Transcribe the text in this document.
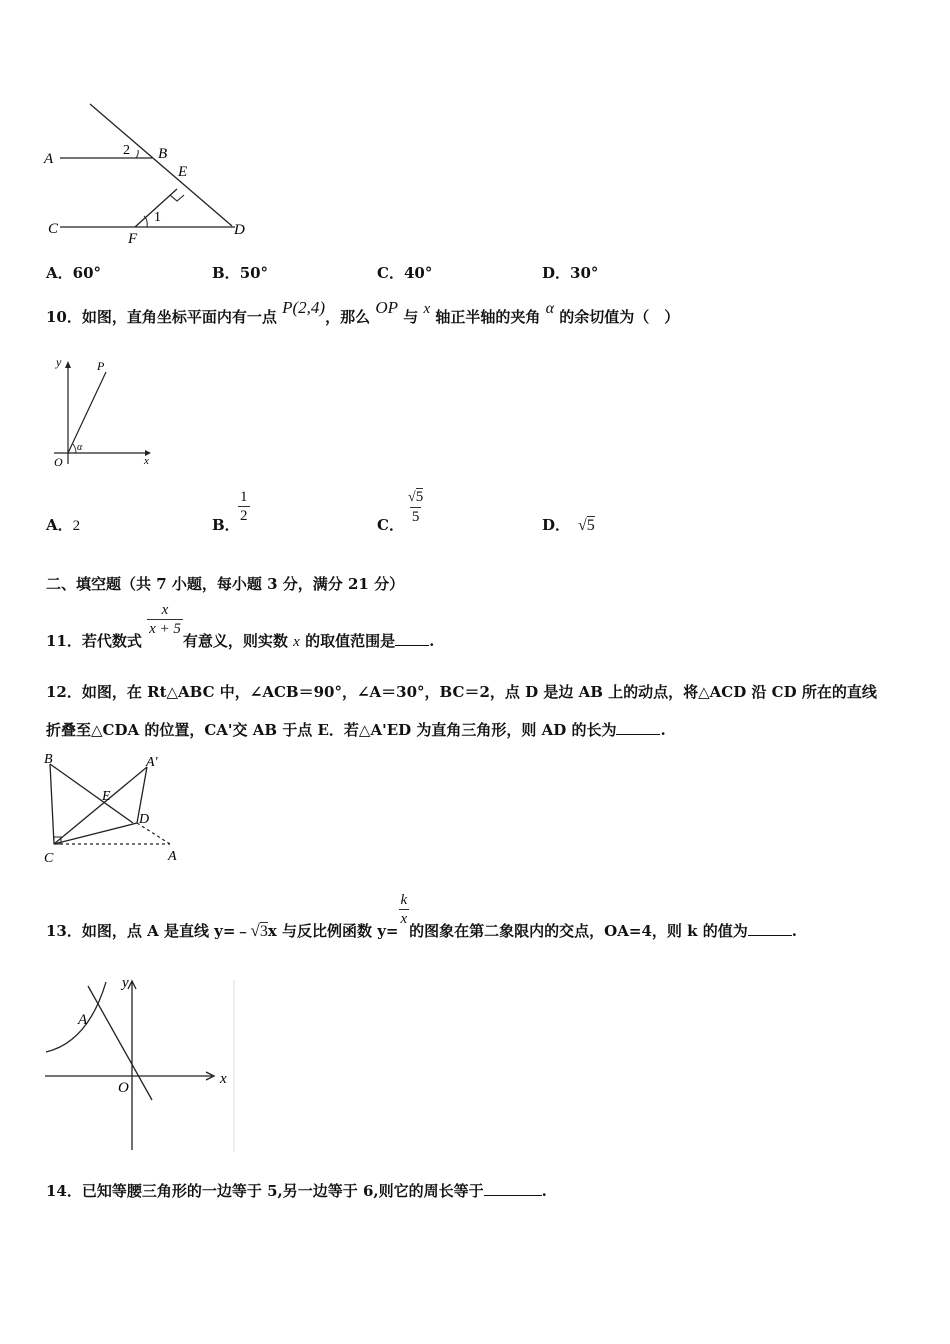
A	B
E
C
F
D
1
2
A．60°	B．50°	C．40°	D．30°
10．如图，直角坐标平面内有一点 P(2,4)，那么 OP 与 x 轴正半轴的夹角 α 的余切值为（　）
y	P
O	x
α
A．2	B．
$\frac{1}{2}$	C． $\frac{√5}{5}$	D． √5
二、填空题（共 7 小题，每小题 3 分，满分 21 分）
11．若代数式
$\frac{x}{x + 5}$
有意义，则实数 x 的取值范围是 .
12．如图，在 Rt△ABC 中，∠ACB＝90°，∠A＝30°，BC＝2，点 D 是边 AB 上的动点，将△ACD 沿 CD 所在的直线
折叠至△CDA 的位置，CA'交 AB 于点 E．若△A'ED 为直角三角形，则 AD 的长为	.
B	A'
E
D
C	A
13．如图，点 A 是直线 y=﹣√3x 与反比例函数 y=
$\frac{k}{x}$
的图象在第二象限内的交点，OA=4，则 k 的值为	.
y
A
O
x
14．已知等腰三角形的一边等于 5,另一边等于 6,则它的周长等于	.
